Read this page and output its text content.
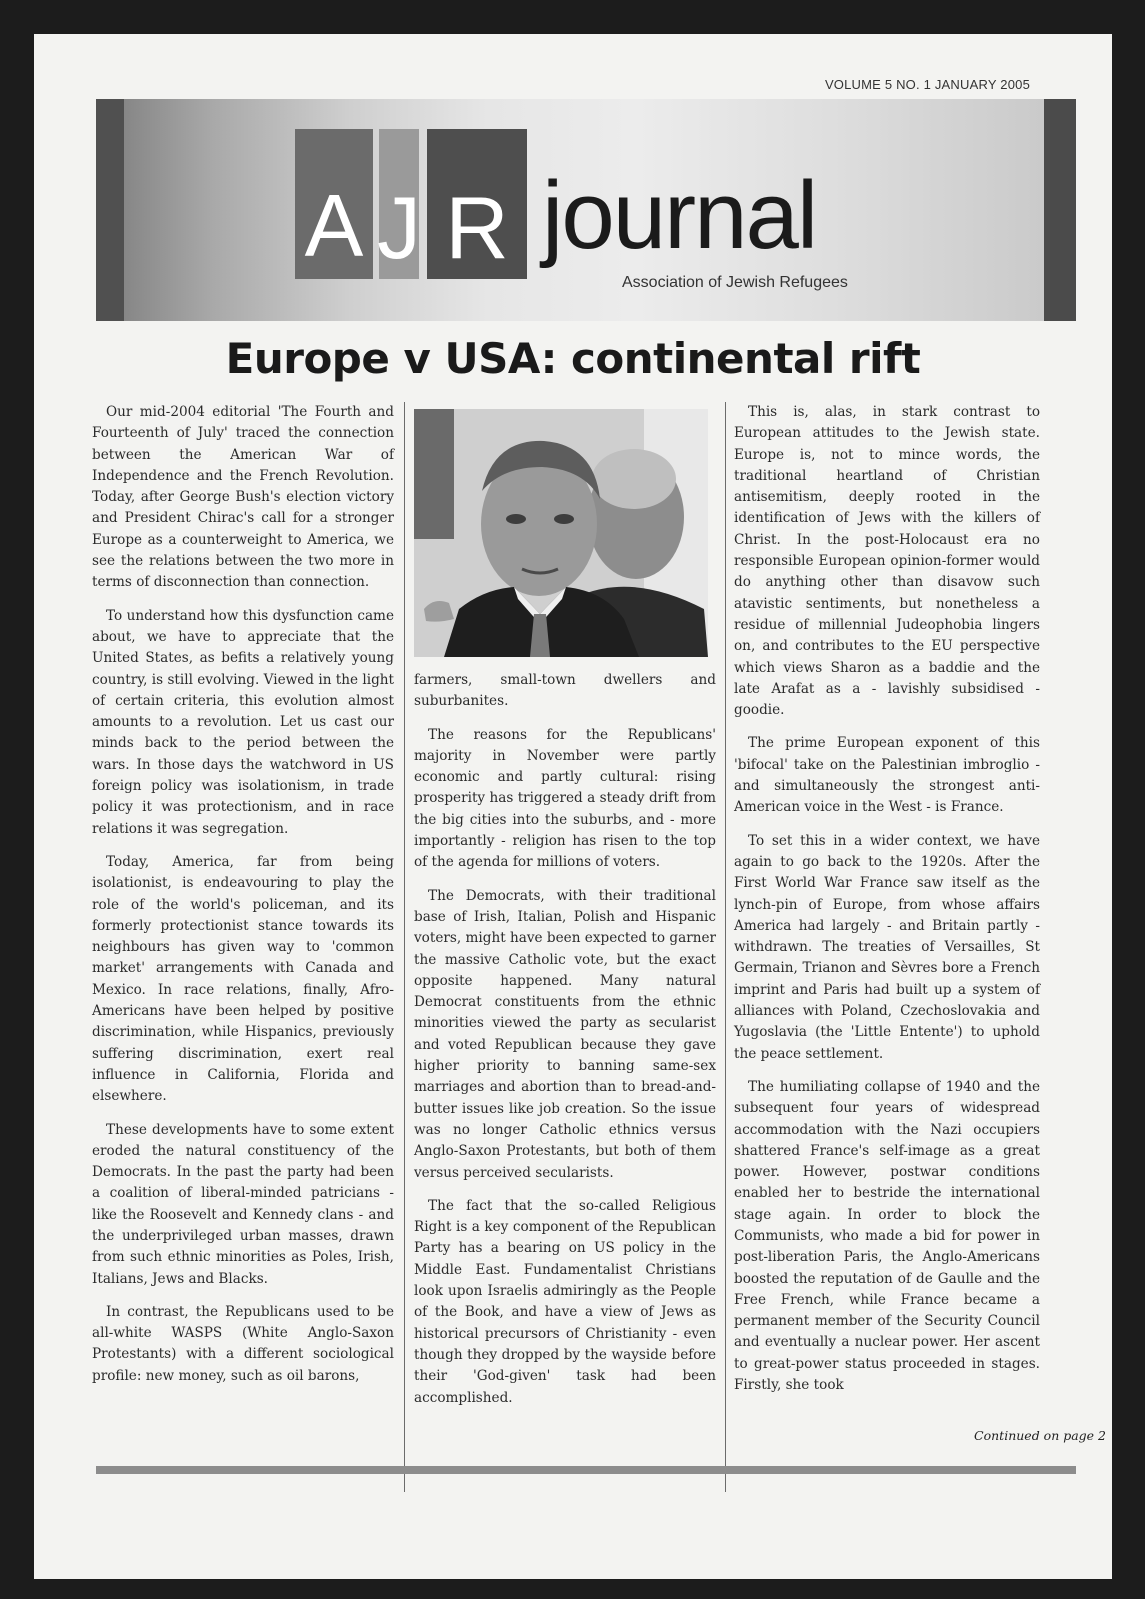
VOLUME 5 NO. 1 JANUARY 2005
A J R journal
Association of Jewish Refugees
Europe v USA: continental rift

Our mid-2004 editorial 'The Fourth and Fourteenth of July' traced the connection between the American War of Independence and the French Revolution. Today, after George Bush's election victory and President Chirac's call for a stronger Europe as a counterweight to America, we see the relations between the two more in terms of disconnection than connection.

To understand how this dysfunction came about, we have to appreciate that the United States, as befits a relatively young country, is still evolving. Viewed in the light of certain criteria, this evolution almost amounts to a revolution. Let us cast our minds back to the period between the wars. In those days the watchword in US foreign policy was isolationism, in trade policy it was protectionism, and in race relations it was segregation.

Today, America, far from being isolationist, is endeavouring to play the role of the world's policeman, and its formerly protectionist stance towards its neighbours has given way to 'common market' arrangements with Canada and Mexico. In race relations, finally, Afro-Americans have been helped by positive discrimination, while Hispanics, previously suffering discrimination, exert real influence in California, Florida and elsewhere.

These developments have to some extent eroded the natural constituency of the Democrats. In the past the party had been a coalition of liberal-minded patricians - like the Roosevelt and Kennedy clans - and the underprivileged urban masses, drawn from such ethnic minorities as Poles, Irish, Italians, Jews and Blacks.

In contrast, the Republicans used to be all-white WASPS (White Anglo-Saxon Protestants) with a different sociological profile: new money, such as oil barons,

farmers, small-town dwellers and suburbanites.

The reasons for the Republicans' majority in November were partly economic and partly cultural: rising prosperity has triggered a steady drift from the big cities into the suburbs, and - more importantly - religion has risen to the top of the agenda for millions of voters.

The Democrats, with their traditional base of Irish, Italian, Polish and Hispanic voters, might have been expected to garner the massive Catholic vote, but the exact opposite happened. Many natural Democrat constituents from the ethnic minorities viewed the party as secularist and voted Republican because they gave higher priority to banning same-sex marriages and abortion than to bread-and-butter issues like job creation. So the issue was no longer Catholic ethnics versus Anglo-Saxon Protestants, but both of them versus perceived secularists.

The fact that the so-called Religious Right is a key component of the Republican Party has a bearing on US policy in the Middle East. Fundamentalist Christians look upon Israelis admiringly as the People of the Book, and have a view of Jews as historical precursors of Christianity - even though they dropped by the wayside before their 'God-given' task had been accomplished.

This is, alas, in stark contrast to European attitudes to the Jewish state. Europe is, not to mince words, the traditional heartland of Christian antisemitism, deeply rooted in the identification of Jews with the killers of Christ. In the post-Holocaust era no responsible European opinion-former would do anything other than disavow such atavistic sentiments, but nonetheless a residue of millennial Judeophobia lingers on, and contributes to the EU perspective which views Sharon as a baddie and the late Arafat as a - lavishly subsidised - goodie.

The prime European exponent of this 'bifocal' take on the Palestinian imbroglio - and simultaneously the strongest anti-American voice in the West - is France.

To set this in a wider context, we have again to go back to the 1920s. After the First World War France saw itself as the lynch-pin of Europe, from whose affairs America had largely - and Britain partly - withdrawn. The treaties of Versailles, St Germain, Trianon and Sèvres bore a French imprint and Paris had built up a system of alliances with Poland, Czechoslovakia and Yugoslavia (the 'Little Entente') to uphold the peace settlement.

The humiliating collapse of 1940 and the subsequent four years of widespread accommodation with the Nazi occupiers shattered France's self-image as a great power. However, postwar conditions enabled her to bestride the international stage again. In order to block the Communists, who made a bid for power in post-liberation Paris, the Anglo-Americans boosted the reputation of de Gaulle and the Free French, while France became a permanent member of the Security Council and eventually a nuclear power. Her ascent to great-power status proceeded in stages. Firstly, she took

Continued on page 2
